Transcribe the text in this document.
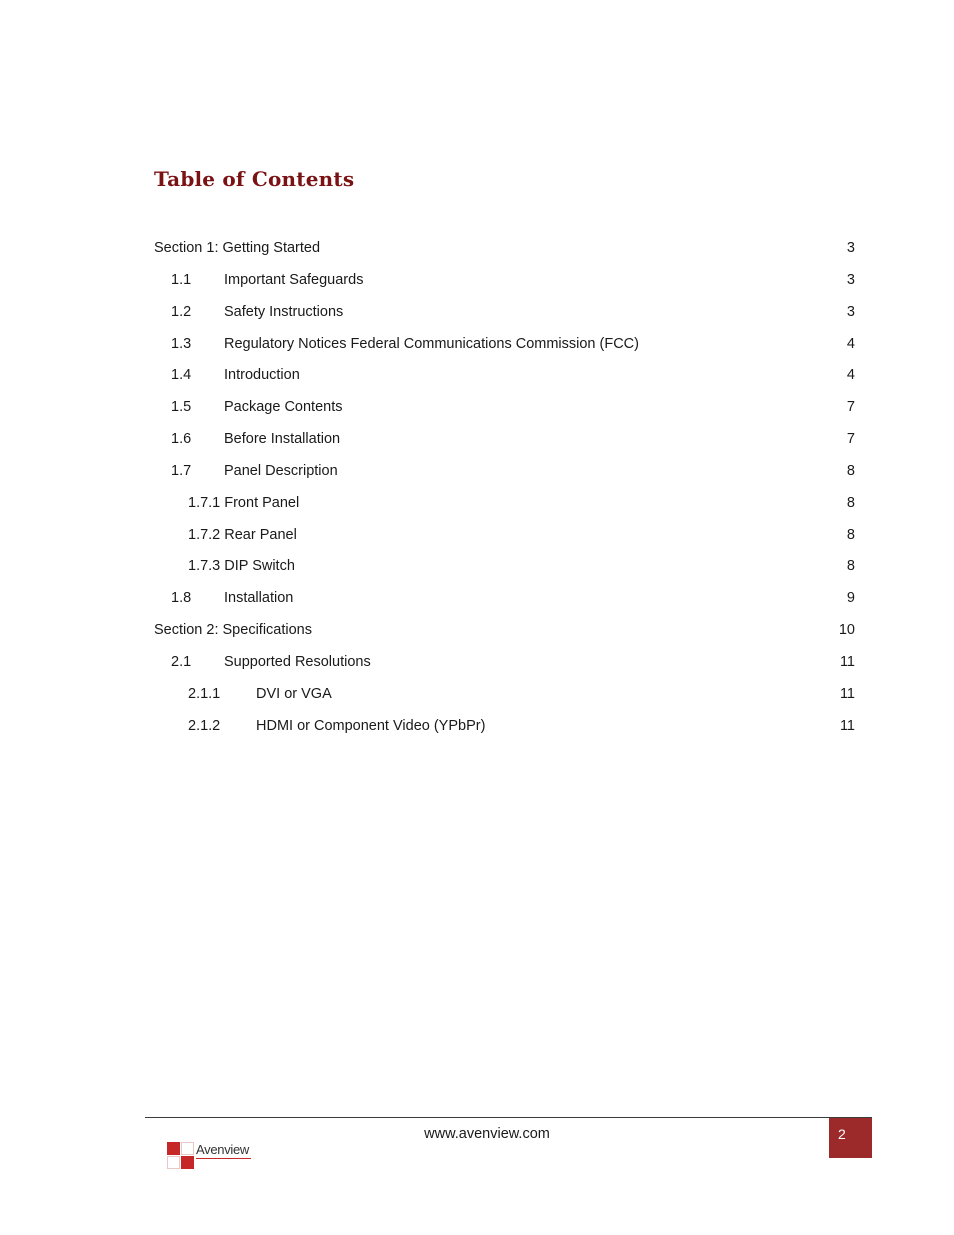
Table of Contents
Section 1: Getting Started	3
1.1	Important Safeguards	3
1.2	Safety Instructions	3
1.3	Regulatory Notices Federal Communications Commission (FCC)	4
1.4	Introduction	4
1.5	Package Contents	7
1.6	Before Installation	7
1.7	Panel Description	8
1.7.1 Front Panel	8
1.7.2 Rear Panel	8
1.7.3 DIP Switch	8
1.8	Installation	9
Section 2: Specifications	10
2.1	Supported Resolutions	11
2.1.1	DVI or VGA	11
2.1.2	HDMI or Component Video (YPbPr)	11
www.avenview.com	2
Avenview
